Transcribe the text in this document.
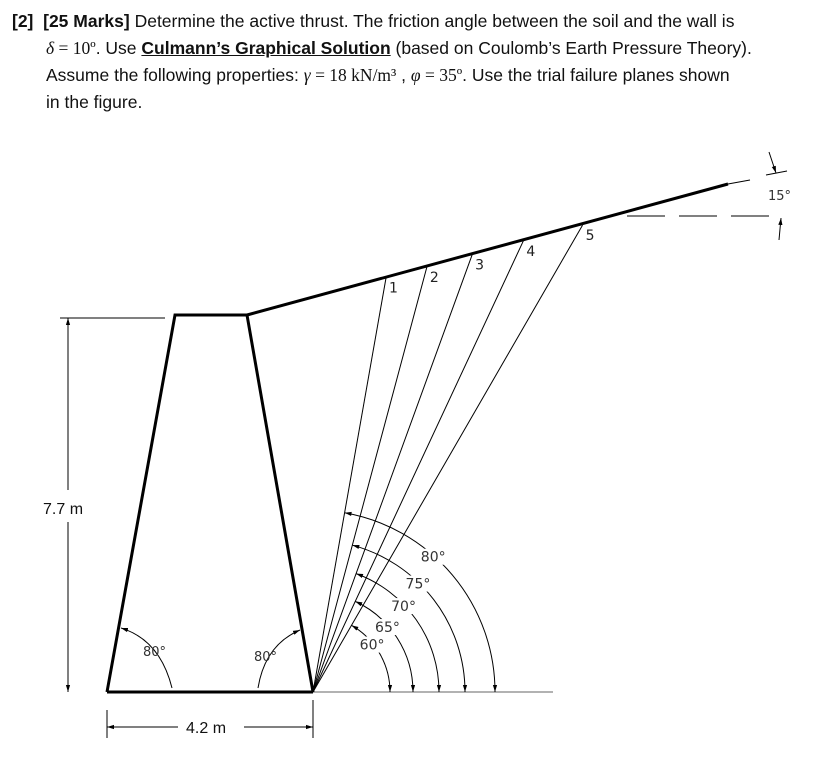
[2] [25 Marks] Determine the active thrust. The friction angle between the soil and the wall is
δ = 10º. Use Culmann’s Graphical Solution (based on Coulomb’s Earth Pressure Theory).
Assume the following properties: γ = 18 kN/m³ , φ = 35º. Use the trial failure planes shown
in the figure.
1
2
3
4
5
60°
65°
70°
75°
80°
15°
7.7 m
4.2 m
80°	80°
